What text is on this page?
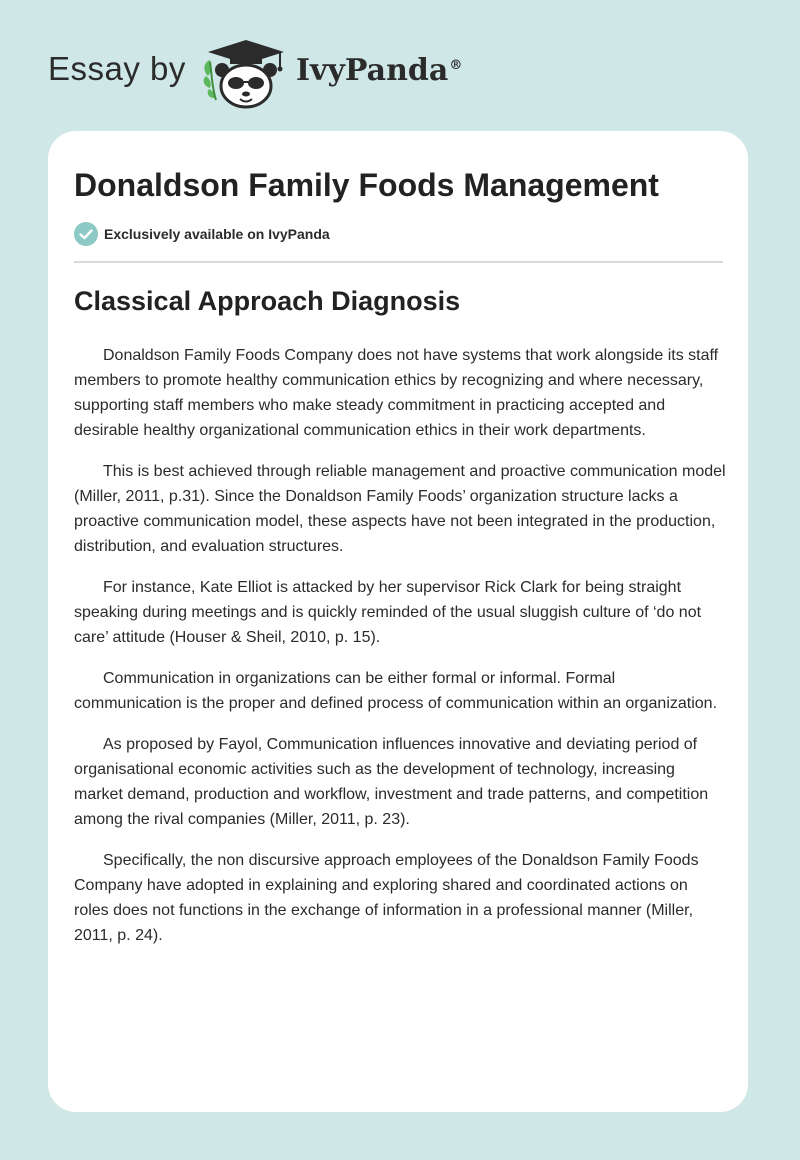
Essay by	IvyPanda®
Donaldson Family Foods Management
Exclusively available on IvyPanda
Classical Approach Diagnosis

Donaldson Family Foods Company does not have systems that work alongside its staff members to promote healthy communication ethics by recognizing and where necessary, supporting staff members who make steady commitment in practicing accepted and desirable healthy organizational communication ethics in their work departments.

This is best achieved through reliable management and proactive communication model (Miller, 2011, p.31). Since the Donaldson Family Foods’ organization structure lacks a proactive communication model, these aspects have not been integrated in the production, distribution, and evaluation structures.

For instance, Kate Elliot is attacked by her supervisor Rick Clark for being straight speaking during meetings and is quickly reminded of the usual sluggish culture of ‘do not care’ attitude (Houser & Sheil, 2010, p. 15).

Communication in organizations can be either formal or informal. Formal communication is the proper and defined process of communication within an organization.

As proposed by Fayol, Communication influences innovative and deviating period of organisational economic activities such as the development of technology, increasing market demand, production and workflow, investment and trade patterns, and competition among the rival companies (Miller, 2011, p. 23).

Specifically, the non discursive approach employees of the Donaldson Family Foods Company have adopted in explaining and exploring shared and coordinated actions on roles does not functions in the exchange of information in a professional manner (Miller, 2011, p. 24).
